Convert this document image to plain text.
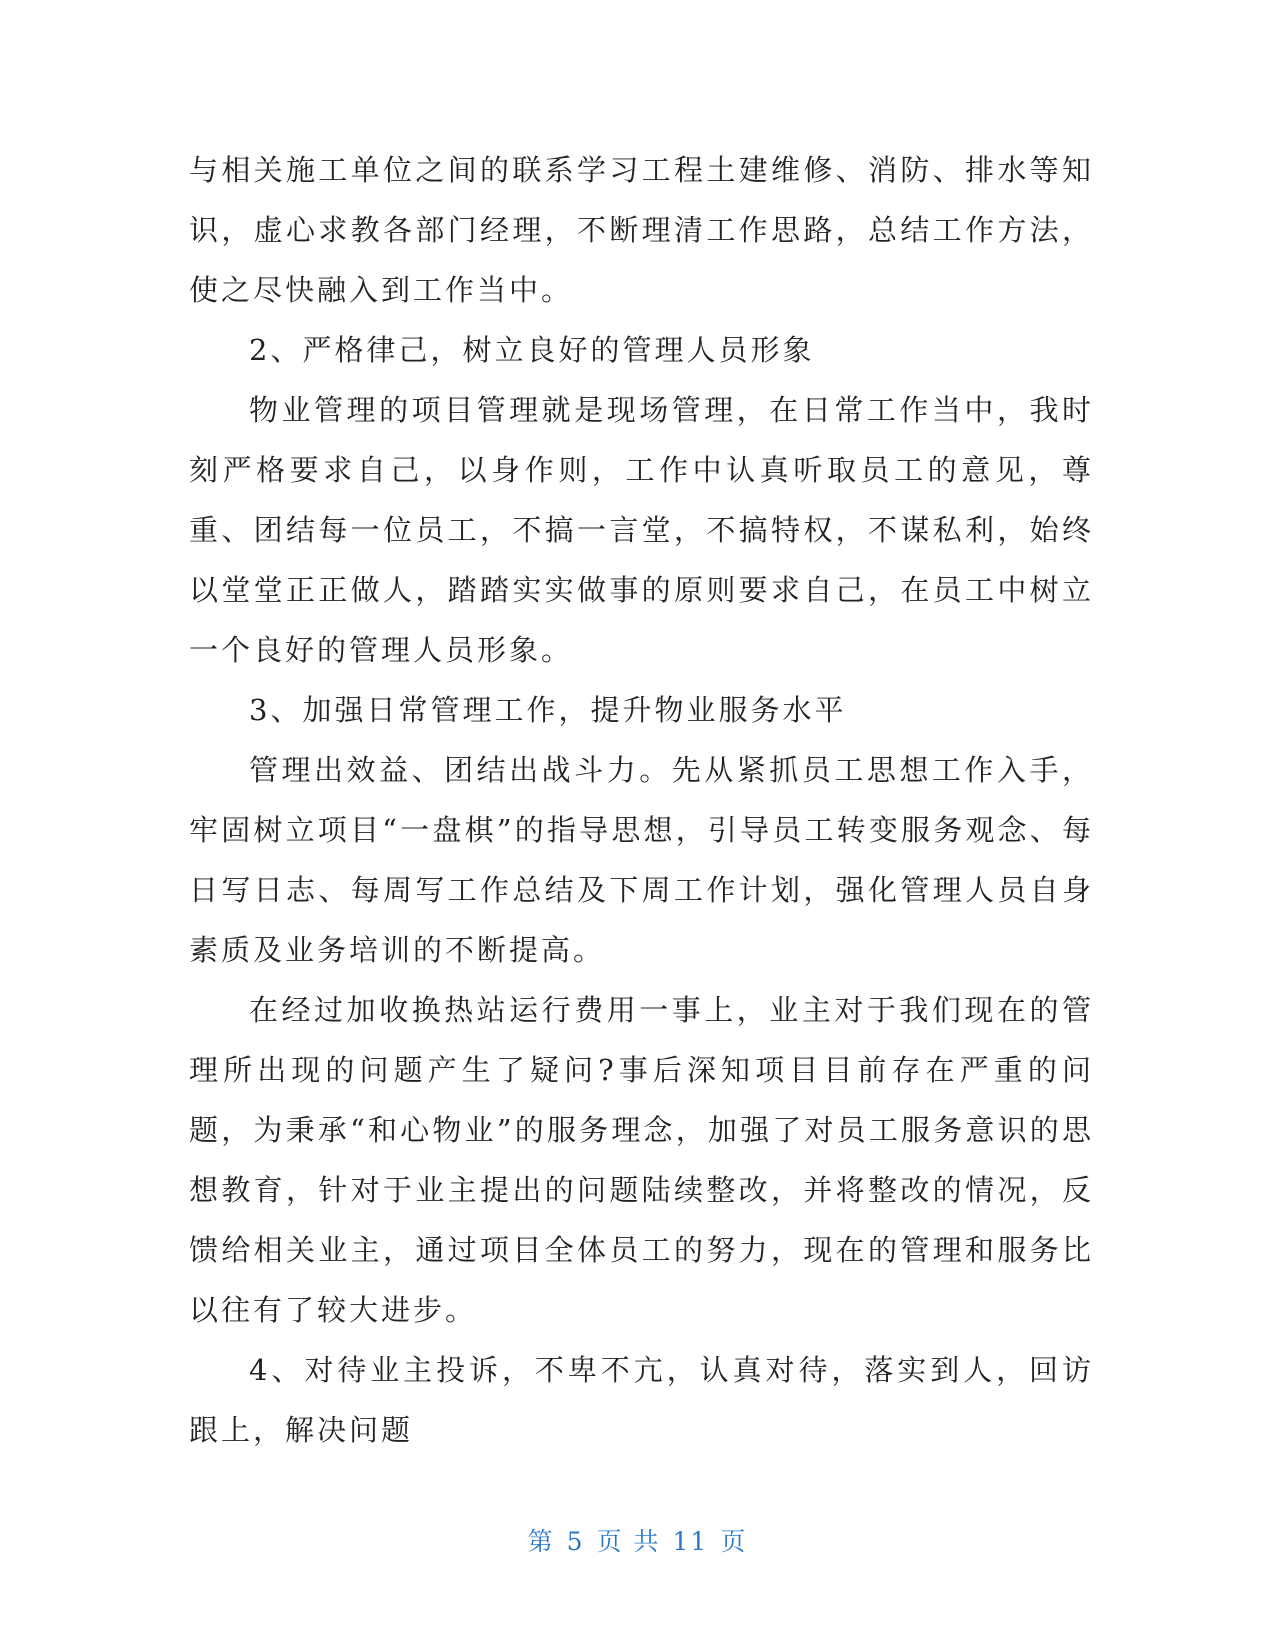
与相关施工单位之间的联系学习工程土建维修、消防、排水等知识，虚心求教各部门经理，不断理清工作思路，总结工作方法，使之尽快融入到工作当中。

2、严格律己，树立良好的管理人员形象

物业管理的项目管理就是现场管理，在日常工作当中，我时刻严格要求自己，以身作则，工作中认真听取员工的意见，尊重、团结每一位员工，不搞一言堂，不搞特权，不谋私利，始终以堂堂正正做人，踏踏实实做事的原则要求自己，在员工中树立一个良好的管理人员形象。

3、加强日常管理工作，提升物业服务水平

管理出效益、团结出战斗力。先从紧抓员工思想工作入手，牢固树立项目“一盘棋”的指导思想，引导员工转变服务观念、每日写日志、每周写工作总结及下周工作计划，强化管理人员自身素质及业务培训的不断提高。

在经过加收换热站运行费用一事上，业主对于我们现在的管理所出现的问题产生了疑问?事后深知项目目前存在严重的问题，为秉承“和心物业”的服务理念，加强了对员工服务意识的思想教育，针对于业主提出的问题陆续整改，并将整改的情况，反馈给相关业主，通过项目全体员工的努力，现在的管理和服务比以往有了较大进步。

4、对待业主投诉，不卑不亢，认真对待，落实到人，回访跟上，解决问题

第 5 页 共 11 页
